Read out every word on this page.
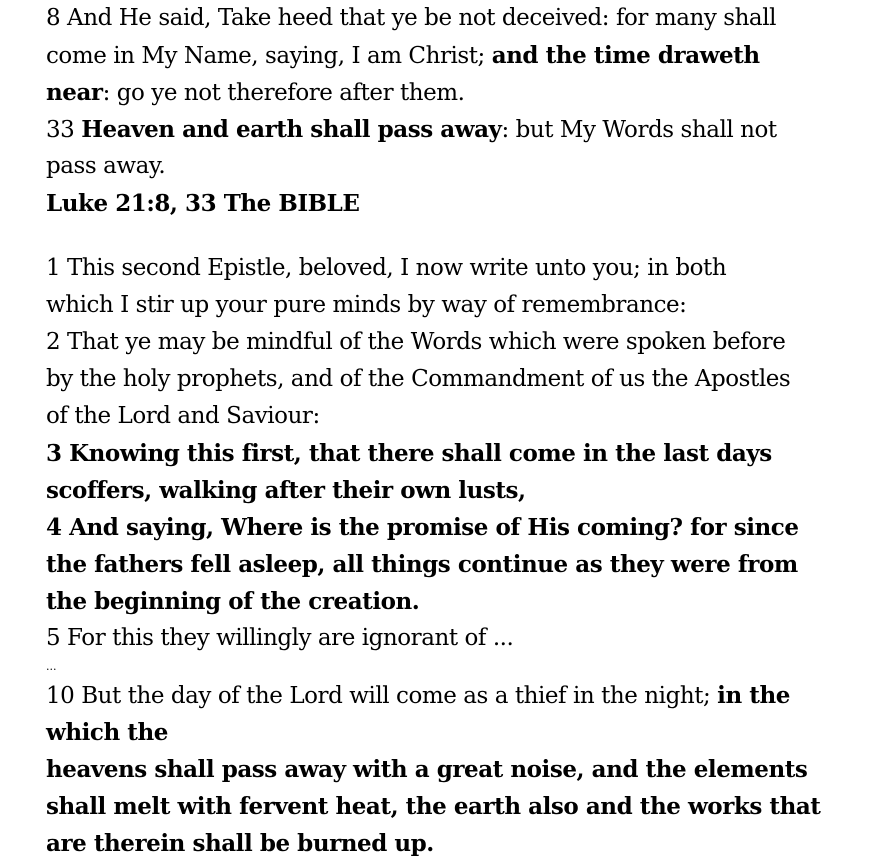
8 And He said, Take heed that ye be not deceived: for many shall
come in My Name, saying, I am Christ; and the time draweth
near: go ye not therefore after them.
33 Heaven and earth shall pass away: but My Words shall not
pass away.
Luke 21:8, 33 The BIBLE
1 This second Epistle, beloved, I now write unto you; in both
which I stir up your pure minds by way of remembrance:
2 That ye may be mindful of the Words which were spoken before
by the holy prophets, and of the Commandment of us the Apostles
of the Lord and Saviour:
3 Knowing this first, that there shall come in the last days
scoffers, walking after their own lusts,
4 And saying, Where is the promise of His coming? for since
the fathers fell asleep, all things continue as they were from
the beginning of the creation.
5 For this they willingly are ignorant of ...
...
10 But the day of the Lord will come as a thief in the night; in the
which the
heavens shall pass away with a great noise, and the elements
shall melt with fervent heat, the earth also and the works that
are therein shall be burned up.
